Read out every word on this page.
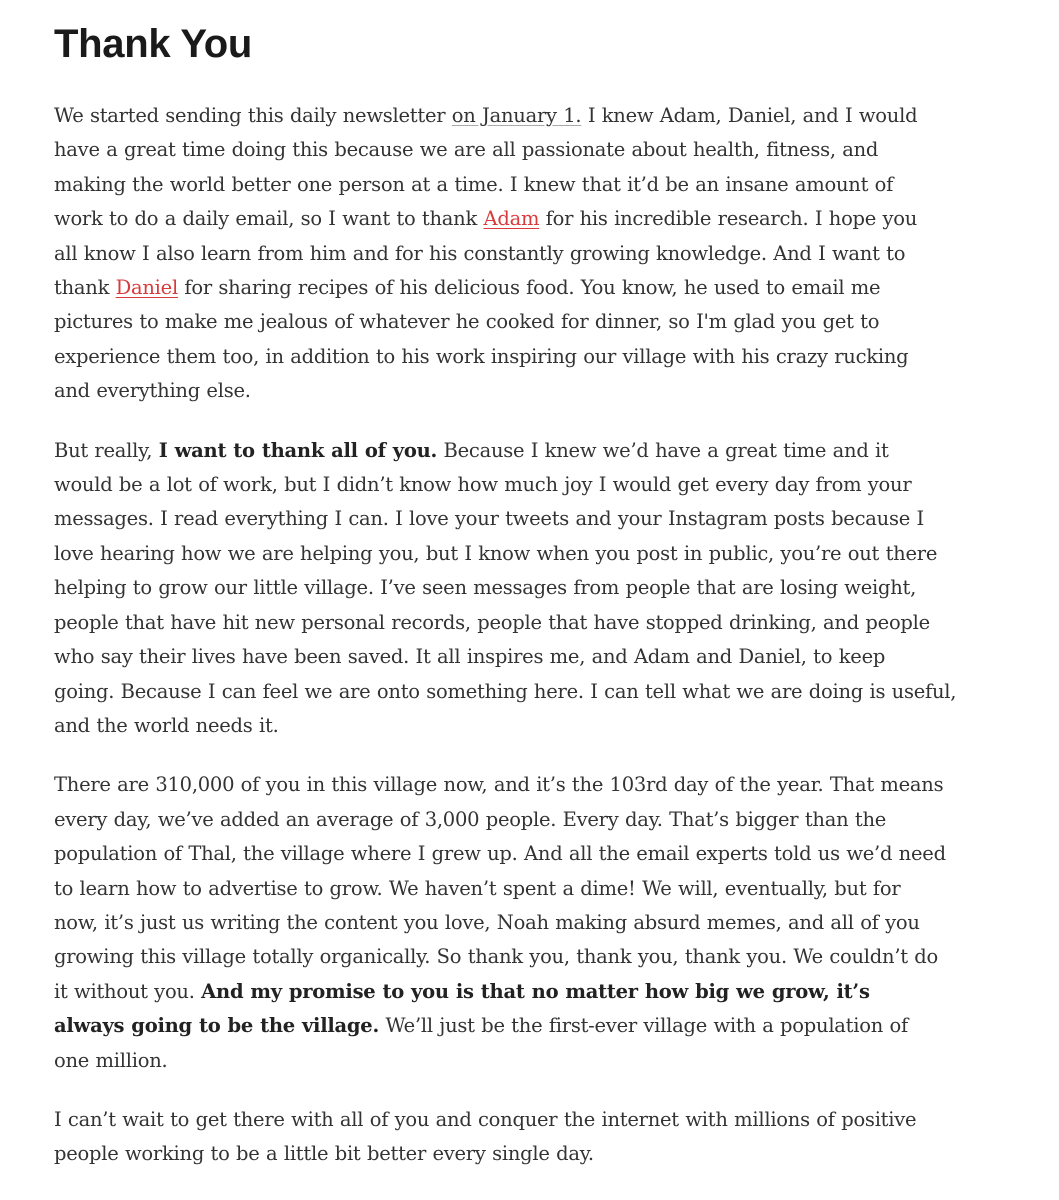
Thank You

We started sending this daily newsletter on January 1. I knew Adam, Daniel, and I would
have a great time doing this because we are all passionate about health, fitness, and
making the world better one person at a time. I knew that it’d be an insane amount of
work to do a daily email, so I want to thank Adam for his incredible research. I hope you
all know I also learn from him and for his constantly growing knowledge. And I want to
thank Daniel for sharing recipes of his delicious food. You know, he used to email me
pictures to make me jealous of whatever he cooked for dinner, so I'm glad you get to
experience them too, in addition to his work inspiring our village with his crazy rucking
and everything else.

But really, I want to thank all of you. Because I knew we’d have a great time and it
would be a lot of work, but I didn’t know how much joy I would get every day from your
messages. I read everything I can. I love your tweets and your Instagram posts because I
love hearing how we are helping you, but I know when you post in public, you’re out there
helping to grow our little village. I’ve seen messages from people that are losing weight,
people that have hit new personal records, people that have stopped drinking, and people
who say their lives have been saved. It all inspires me, and Adam and Daniel, to keep
going. Because I can feel we are onto something here. I can tell what we are doing is useful,
and the world needs it.

There are 310,000 of you in this village now, and it’s the 103rd day of the year. That means
every day, we’ve added an average of 3,000 people. Every day. That’s bigger than the
population of Thal, the village where I grew up. And all the email experts told us we’d need
to learn how to advertise to grow. We haven’t spent a dime! We will, eventually, but for
now, it’s just us writing the content you love, Noah making absurd memes, and all of you
growing this village totally organically. So thank you, thank you, thank you. We couldn’t do
it without you. And my promise to you is that no matter how big we grow, it’s
always going to be the village. We’ll just be the first-ever village with a population of
one million.

I can’t wait to get there with all of you and conquer the internet with millions of positive
people working to be a little bit better every single day.
